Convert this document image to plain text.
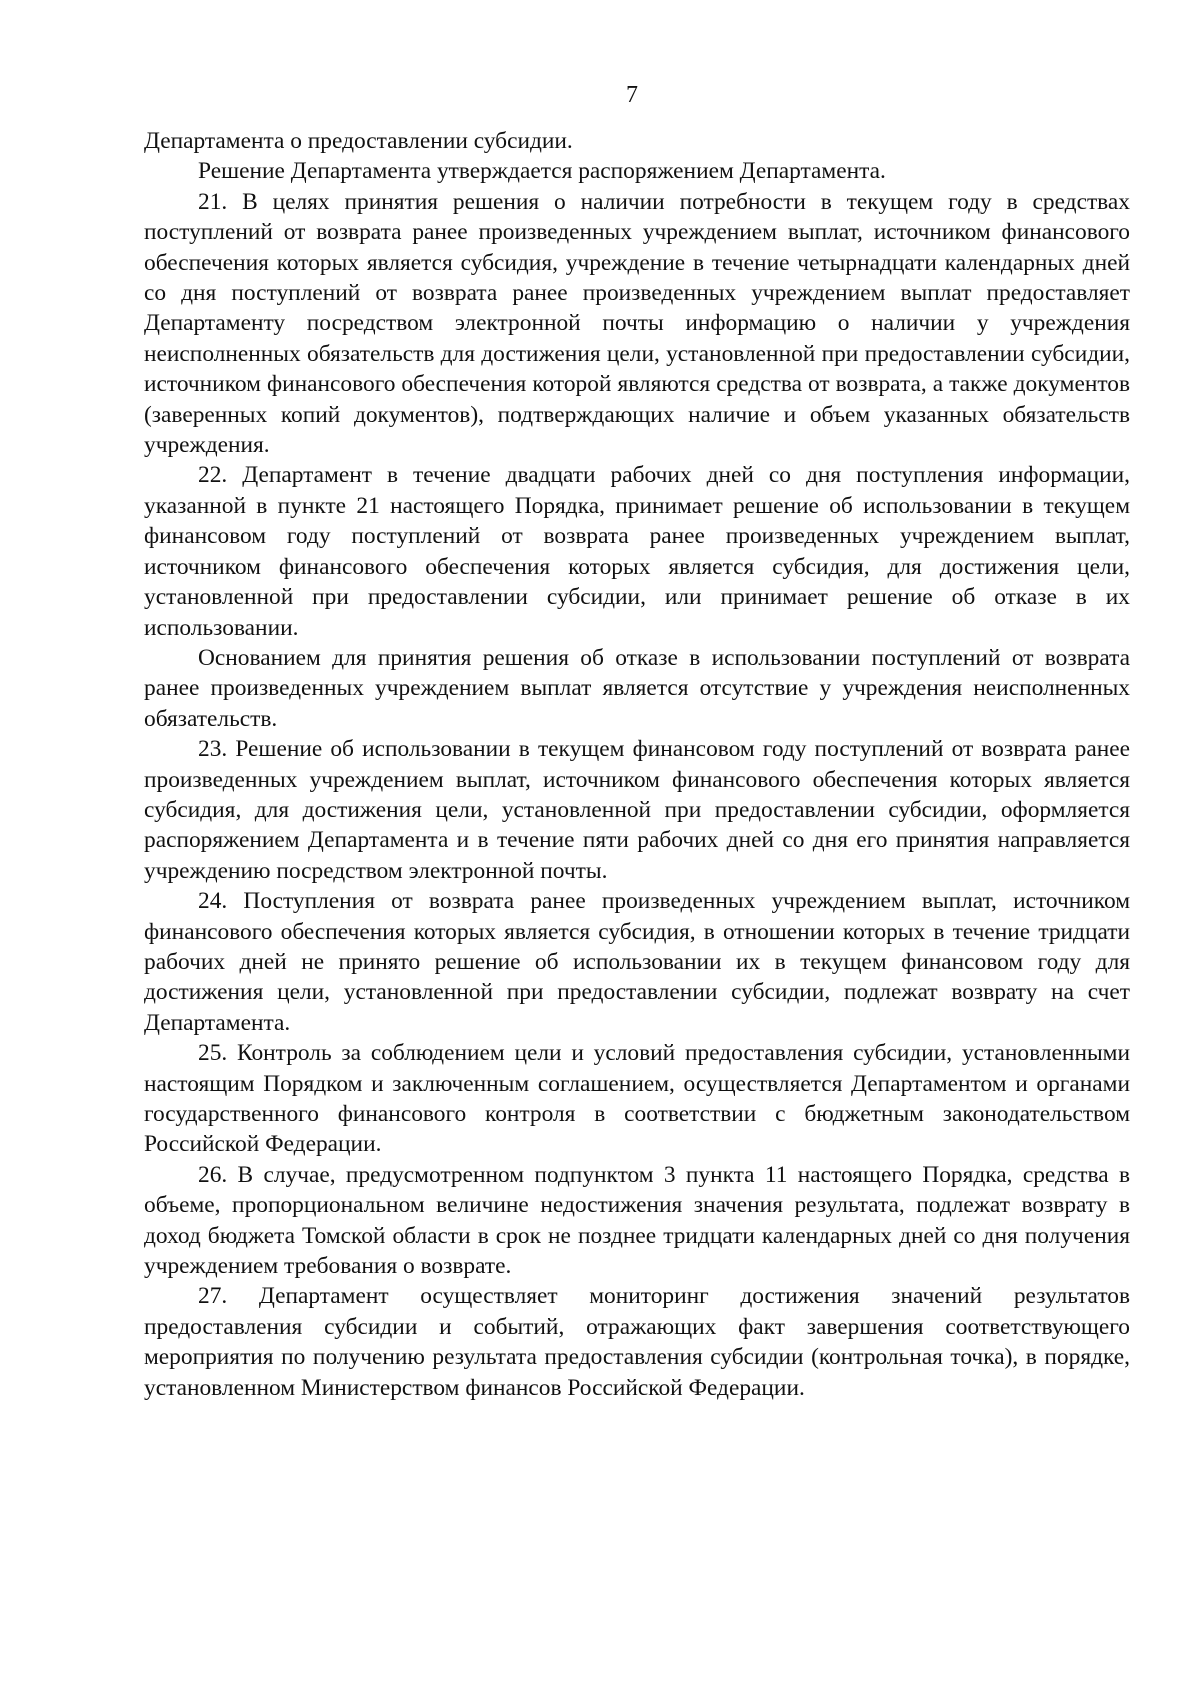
7

Департамента о предоставлении субсидии.

Решение Департамента утверждается распоряжением Департамента.

21. В целях принятия решения о наличии потребности в текущем году в средствах поступлений от возврата ранее произведенных учреждением выплат, источником финансового обеспечения которых является субсидия, учреждение в течение четырнадцати календарных дней со дня поступлений от возврата ранее произведенных учреждением выплат предоставляет Департаменту посредством электронной почты информацию о наличии у учреждения неисполненных обязательств для достижения цели, установленной при предоставлении субсидии, источником финансового обеспечения которой являются средства от возврата, а также документов (заверенных копий документов), подтверждающих наличие и объем указанных обязательств учреждения.

22. Департамент в течение двадцати рабочих дней со дня поступления информации, указанной в пункте 21 настоящего Порядка, принимает решение об использовании в текущем финансовом году поступлений от возврата ранее произведенных учреждением выплат, источником финансового обеспечения которых является субсидия, для достижения цели, установленной при предоставлении субсидии, или принимает решение об отказе в их использовании.

Основанием для принятия решения об отказе в использовании поступлений от возврата ранее произведенных учреждением выплат является отсутствие у учреждения неисполненных обязательств.

23. Решение об использовании в текущем финансовом году поступлений от возврата ранее произведенных учреждением выплат, источником финансового обеспечения которых является субсидия, для достижения цели, установленной при предоставлении субсидии, оформляется распоряжением Департамента и в течение пяти рабочих дней со дня его принятия направляется учреждению посредством электронной почты.

24. Поступления от возврата ранее произведенных учреждением выплат, источником финансового обеспечения которых является субсидия, в отношении которых в течение тридцати рабочих дней не принято решение об использовании их в текущем финансовом году для достижения цели, установленной при предоставлении субсидии, подлежат возврату на счет Департамента.

25. Контроль за соблюдением цели и условий предоставления субсидии, установленными настоящим Порядком и заключенным соглашением, осуществляется Департаментом и органами государственного финансового контроля в соответствии с бюджетным законодательством Российской Федерации.

26. В случае, предусмотренном подпунктом 3 пункта 11 настоящего Порядка, средства в объеме, пропорциональном величине недостижения значения результата, подлежат возврату в доход бюджета Томской области в срок не позднее тридцати календарных дней со дня получения учреждением требования о возврате.

27. Департамент осуществляет мониторинг достижения значений результатов предоставления субсидии и событий, отражающих факт завершения соответствующего мероприятия по получению результата предоставления субсидии (контрольная точка), в порядке, установленном Министерством финансов Российской Федерации.
